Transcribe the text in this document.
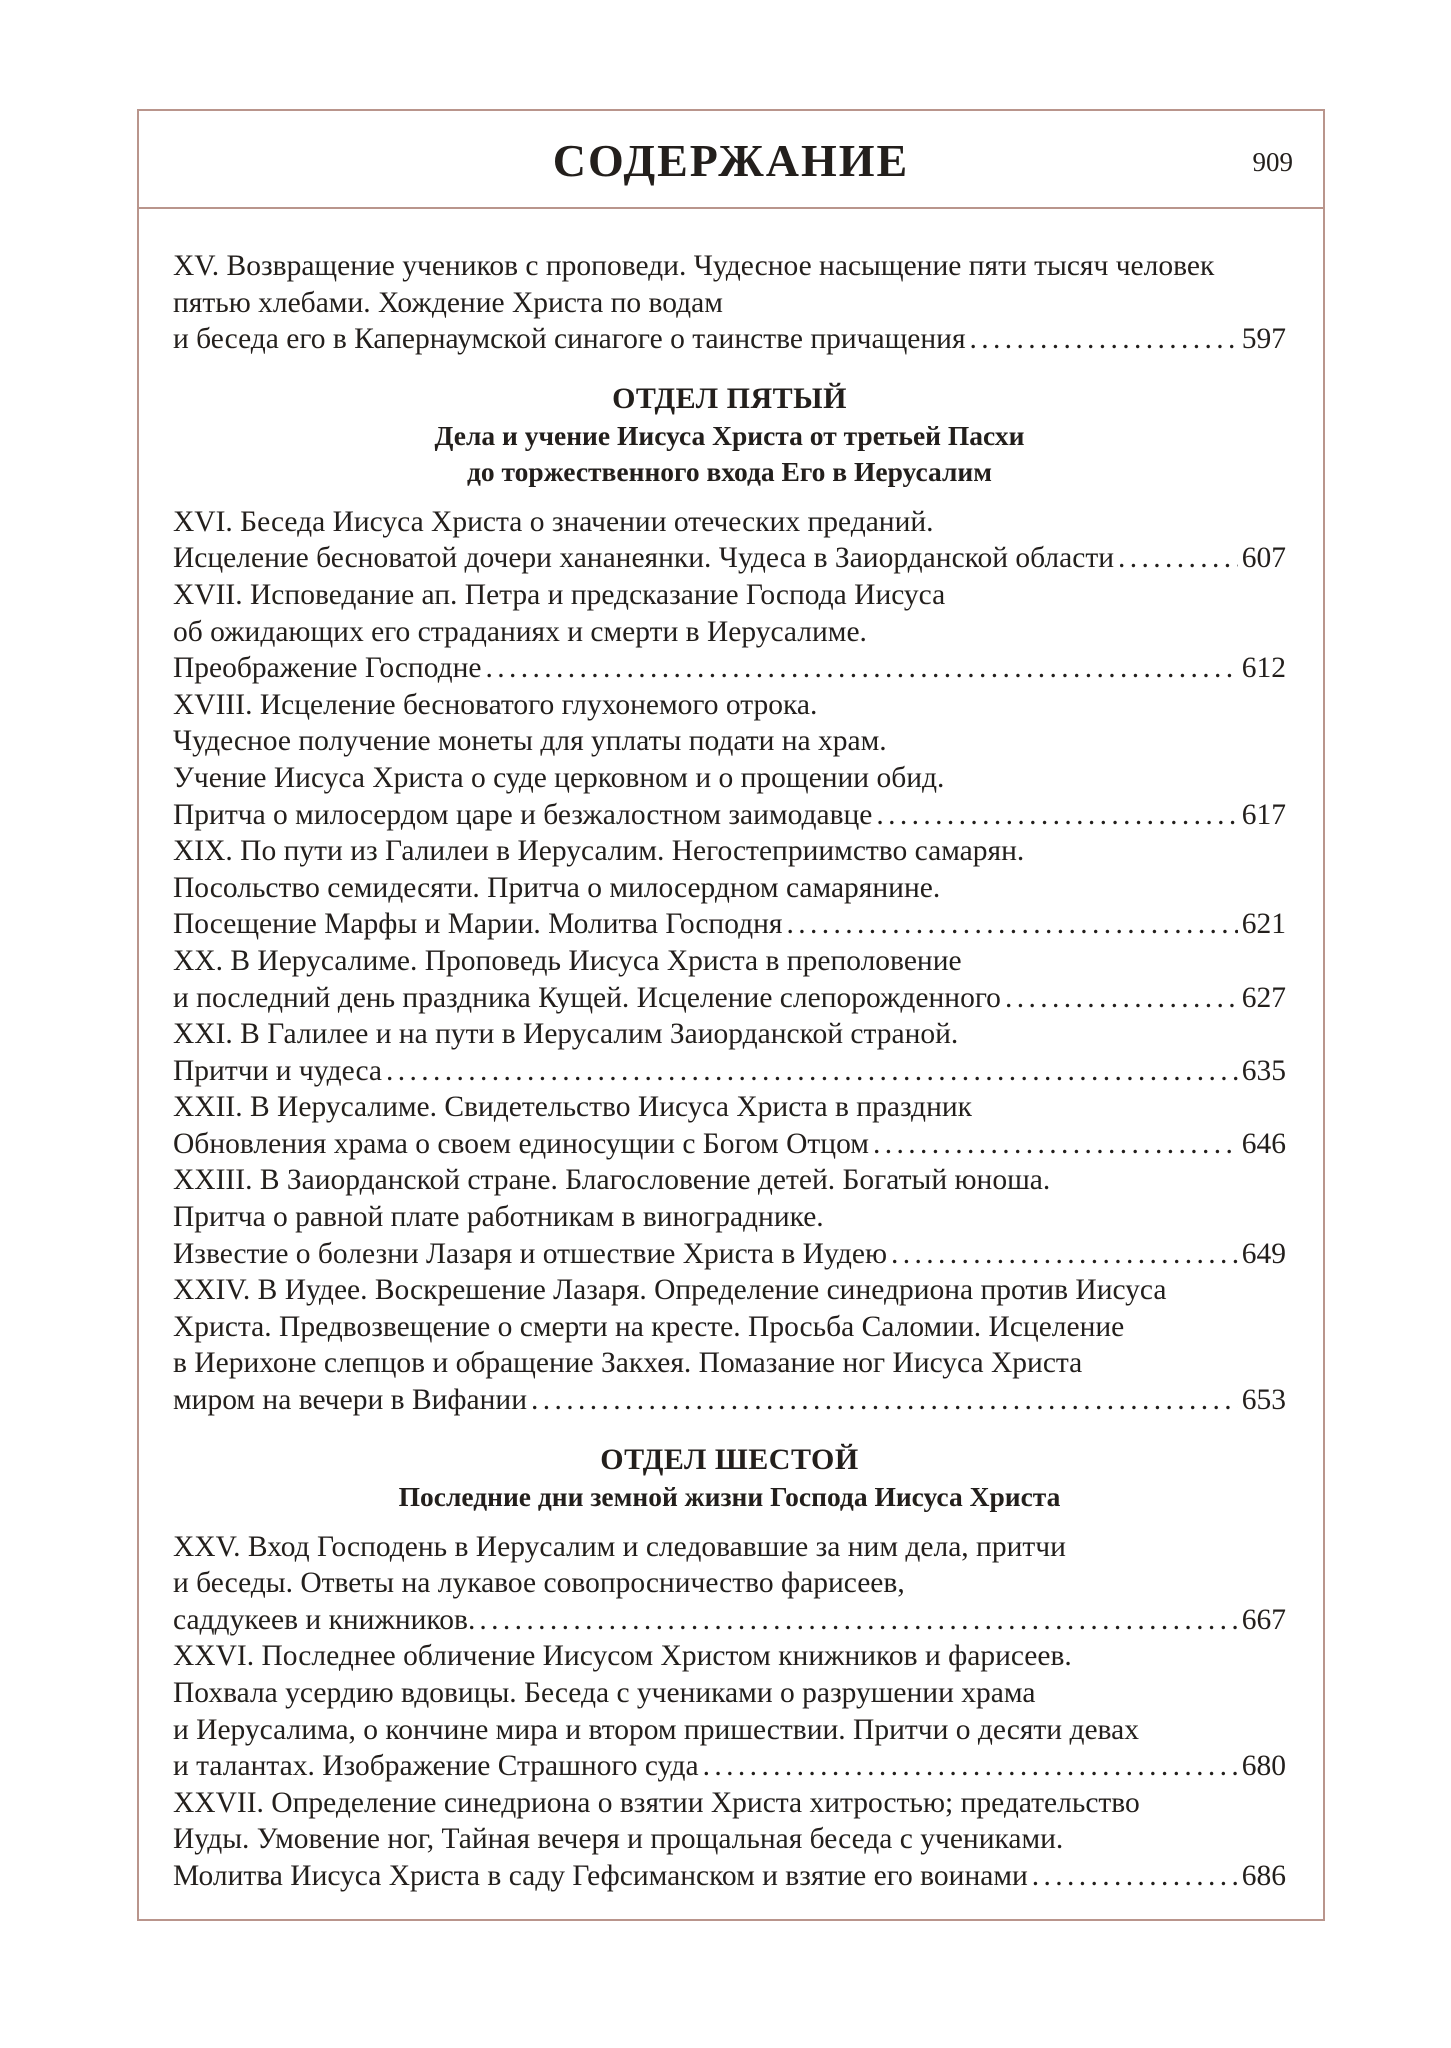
СОДЕРЖАНИЕ	909
XV. Возвращение учеников с проповеди. Чудесное насыщение пяти тысяч человек
пятью хлебами. Хождение Христа по водам
и беседа его в Капернаумской синагоге о таинстве причащения . . .	597
ОТДЕЛ ПЯТЫЙ
Дела и учение Иисуса Христа от третьей Пасхи
до торжественного входа Его в Иерусалим
XVI. Беседа Иисуса Христа о значении отеческих преданий.
Исцеление бесноватой дочери хананеянки. Чудеса в Заиорданской области . . .	607
XVII. Исповедание ап. Петра и предсказание Господа Иисуса
об ожидающих его страданиях и смерти в Иерусалиме.
Преображение Господне . . .	612
XVIII. Исцеление бесноватого глухонемого отрока.
Чудесное получение монеты для уплаты подати на храм.
Учение Иисуса Христа о суде церковном и о прощении обид.
Притча о милосердом царе и безжалостном заимодавце . . .	617
XIX. По пути из Галилеи в Иерусалим. Негостеприимство самарян.
Посольство семидесяти. Притча о милосердном самарянине.
Посещение Марфы и Марии. Молитва Господня . . .	621
XX. В Иерусалиме. Проповедь Иисуса Христа в преполовение
и последний день праздника Кущей. Исцеление слепорожденного . . .	627
XXI. В Галилее и на пути в Иерусалим Заиорданской страной.
Притчи и чудеса . . .	635
XXII. В Иерусалиме. Свидетельство Иисуса Христа в праздник
Обновления храма о своем единосущии с Богом Отцом . . .	646
XXIII. В Заиорданской стране. Благословение детей. Богатый юноша.
Притча о равной плате работникам в винограднике.
Известие о болезни Лазаря и отшествие Христа в Иудею . . .	649
XXIV. В Иудее. Воскрешение Лазаря. Определение синедриона против Иисуса
Христа. Предвозвещение о смерти на кресте. Просьба Саломии. Исцеление
в Иерихоне слепцов и обращение Закхея. Помазание ног Иисуса Христа
миром на вечери в Вифании . . .	653
ОТДЕЛ ШЕСТОЙ
Последние дни земной жизни Господа Иисуса Христа
XXV. Вход Господень в Иерусалим и следовавшие за ним дела, притчи
и беседы. Ответы на лукавое совопросничество фарисеев,
саддукеев и книжников. . . .	667
XXVI. Последнее обличение Иисусом Христом книжников и фарисеев.
Похвала усердию вдовицы. Беседа с учениками о разрушении храма
и Иерусалима, о кончине мира и втором пришествии. Притчи о десяти девах
и талантах. Изображение Страшного суда . . .	680
XXVII. Определение синедриона о взятии Христа хитростью; предательство
Иуды. Умовение ног, Тайная вечеря и прощальная беседа с учениками.
Молитва Иисуса Христа в саду Гефсиманском и взятие его воинами . . .	686
